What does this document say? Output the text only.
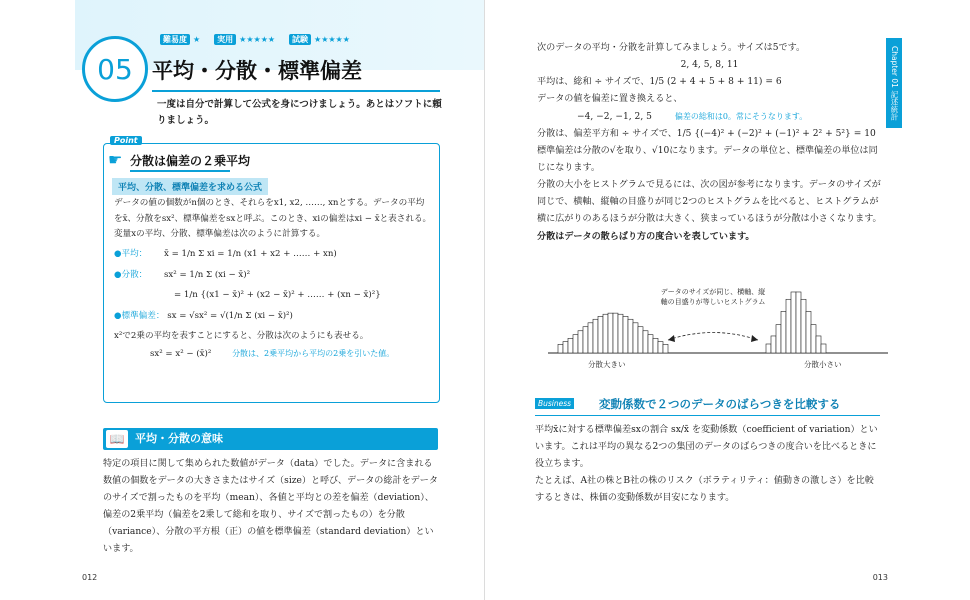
難易度 ★	実用 ★★★★★	試験 ★★★★★
05 平均・分散・標準偏差
一度は自分で計算して公式を身につけましょう。あとはソフトに頼りましょう。
Point
☛ 分散は偏差の２乗平均
平均、分散、標準偏差を求める公式
データの値の個数がn個のとき、それらをx1, x2, ……, xnとする。データの平均をx̄、分散をsx²、標準偏差をsxと呼ぶ。このとき、xiの偏差はxi − x̄と表される。変量xの平均、分散、標準偏差は次のように計算する。
●平均： x̄ = 1/n Σ xi = 1/n (x1 + x2 + …… + xn)
●分散： sx² = 1/n Σ (xi − x̄)²
= 1/n {(x1 − x̄)² + (x2 − x̄)² + …… + (xn − x̄)²}
●標準偏差： sx = √sx² = √(1/n Σ (xi − x̄)²)
x²で2乗の平均を表すことにすると、分散は次のようにも表せる。
sx² = x² − (x̄)²	分散は、2乗平均から平均の2乗を引いた値。
📖 平均・分散の意味
特定の項目に関して集められた数値がデータ（data）でした。データに含まれる数値の個数をデータの大きさまたはサイズ（size）と呼び、データの総計をデータのサイズで割ったものを平均（mean）、各値と平均との差を偏差（deviation）、偏差の2乗平均（偏差を2乗して総和を取り、サイズで割ったもの）を分散（variance）、分散の平方根（正）の値を標準偏差（standard deviation）といいます。
012
Chapter 01 記述統計

次のデータの平均・分散を計算してみましょう。サイズは5です。

2, 4, 5, 8, 11

平均は、総和 ÷ サイズで、1/5 (2 + 4 + 5 + 8 + 11) = 6

データの値を偏差に置き換えると、

−4, −2, −1, 2, 5	偏差の総和は0。常にそうなります。

分散は、偏差平方和 ÷ サイズで、1/5 {(−4)² + (−2)² + (−1)² + 2² + 5²} = 10

標準偏差は分散の√を取り、√10になります。データの単位と、標準偏差の単位は同じになります。

分散の大小をヒストグラムで見るには、次の図が参考になります。データのサイズが同じで、横軸、縦軸の目盛りが同じ2つのヒストグラムを比べると、ヒストグラムが横に広がりのあるほうが分散は大きく、狭まっているほうが分散は小さくなります。分散はデータの散らばり方の度合いを表しています。

データのサイズが同じ、横軸、縦軸の目盛りが等しいヒストグラム
分散大きい	分散小さい
Business 変動係数で２つのデータのばらつきを比較する
平均x̄に対する標準偏差sxの割合 sx/x̄ を変動係数（coefficient of variation）といいます。これは平均の異なる2つの集団のデータのばらつきの度合いを比べるときに役立ちます。
たとえば、A社の株とB社の株のリスク（ボラティリティ：値動きの激しさ）を比較するときは、株価の変動係数が目安になります。
013
